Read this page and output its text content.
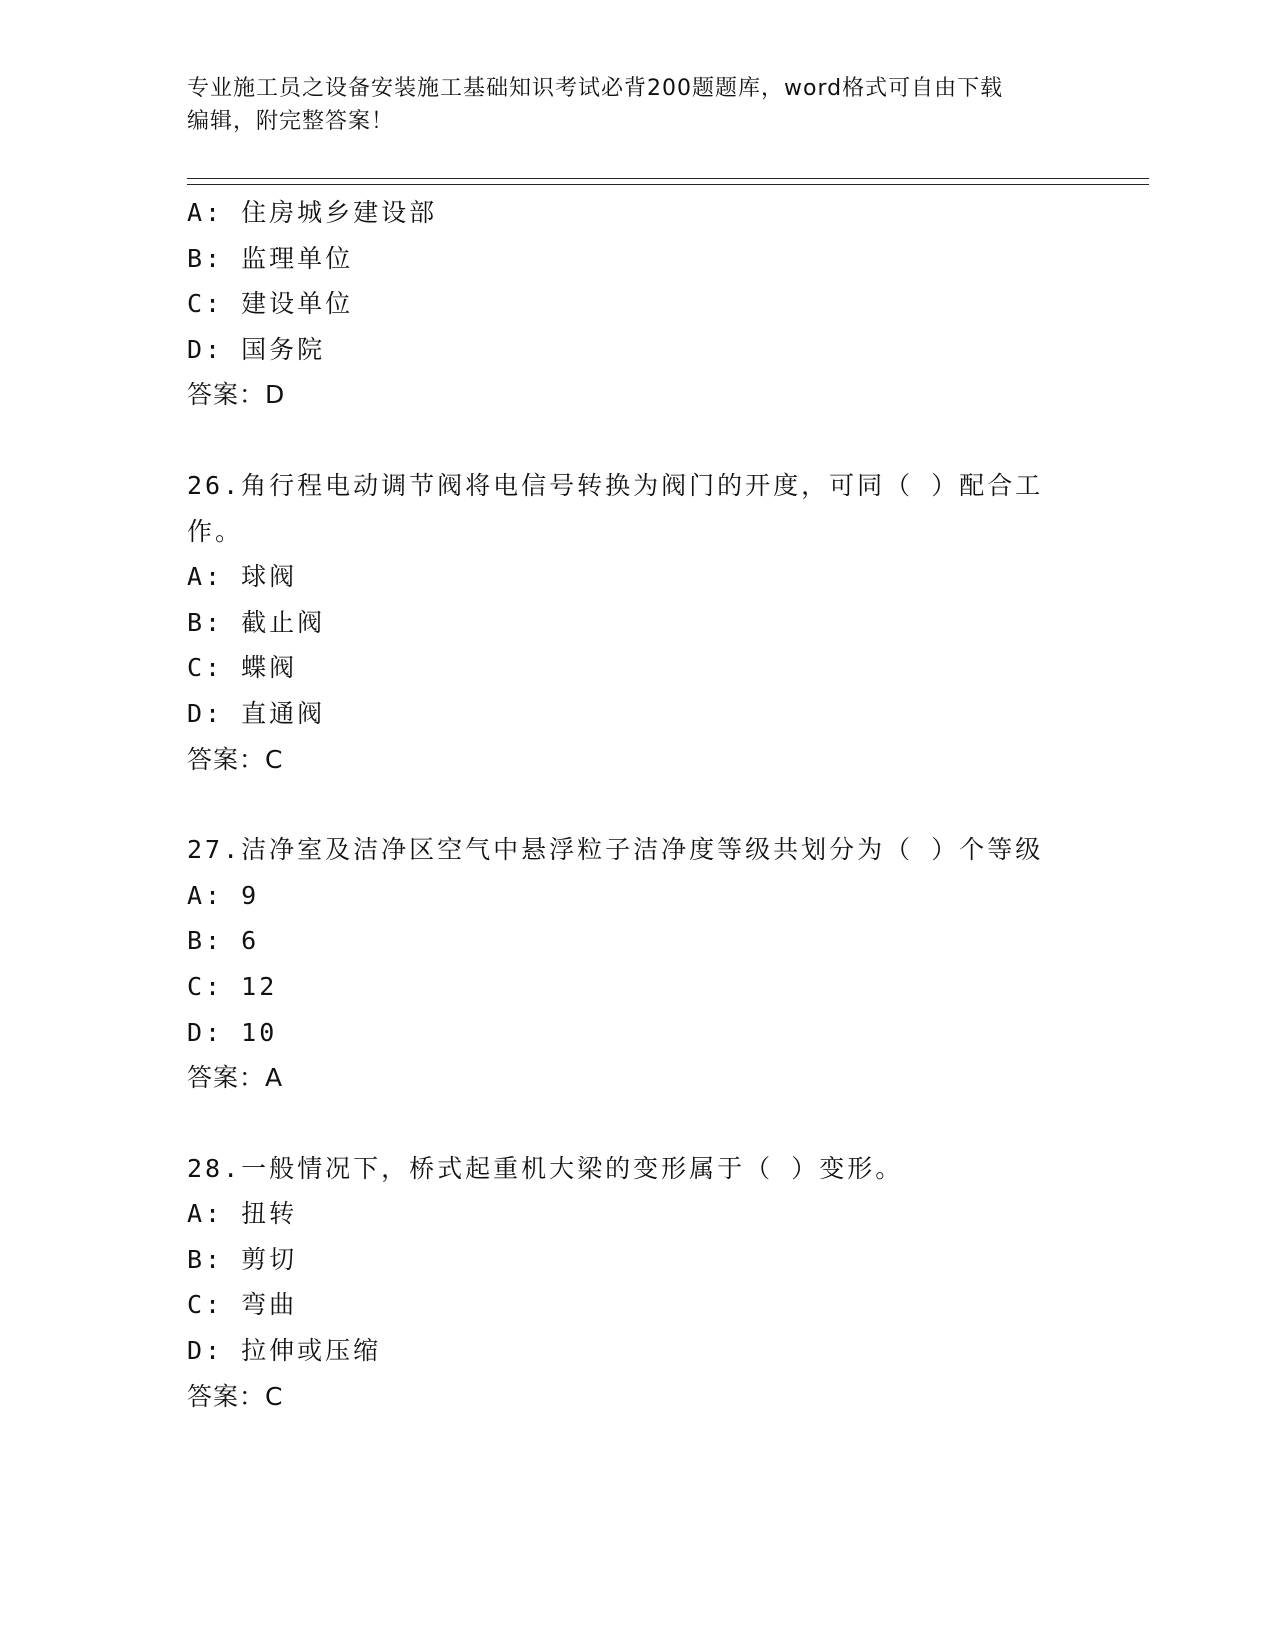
专业施工员之设备安装施工基础知识考试必背200题题库，word格式可自由下载
编辑，附完整答案！
A: 住房城乡建设部
B: 监理单位
C: 建设单位
D: 国务院
答案：D
26.角行程电动调节阀将电信号转换为阀门的开度，可同（ ）配合工
作。
A: 球阀
B: 截止阀
C: 蝶阀
D: 直通阀
答案：C
27.洁净室及洁净区空气中悬浮粒子洁净度等级共划分为（ ）个等级
A: 9
B: 6
C: 12
D: 10
答案：A
28.一般情况下，桥式起重机大梁的变形属于（ ）变形。
A: 扭转
B: 剪切
C: 弯曲
D: 拉伸或压缩
答案：C
